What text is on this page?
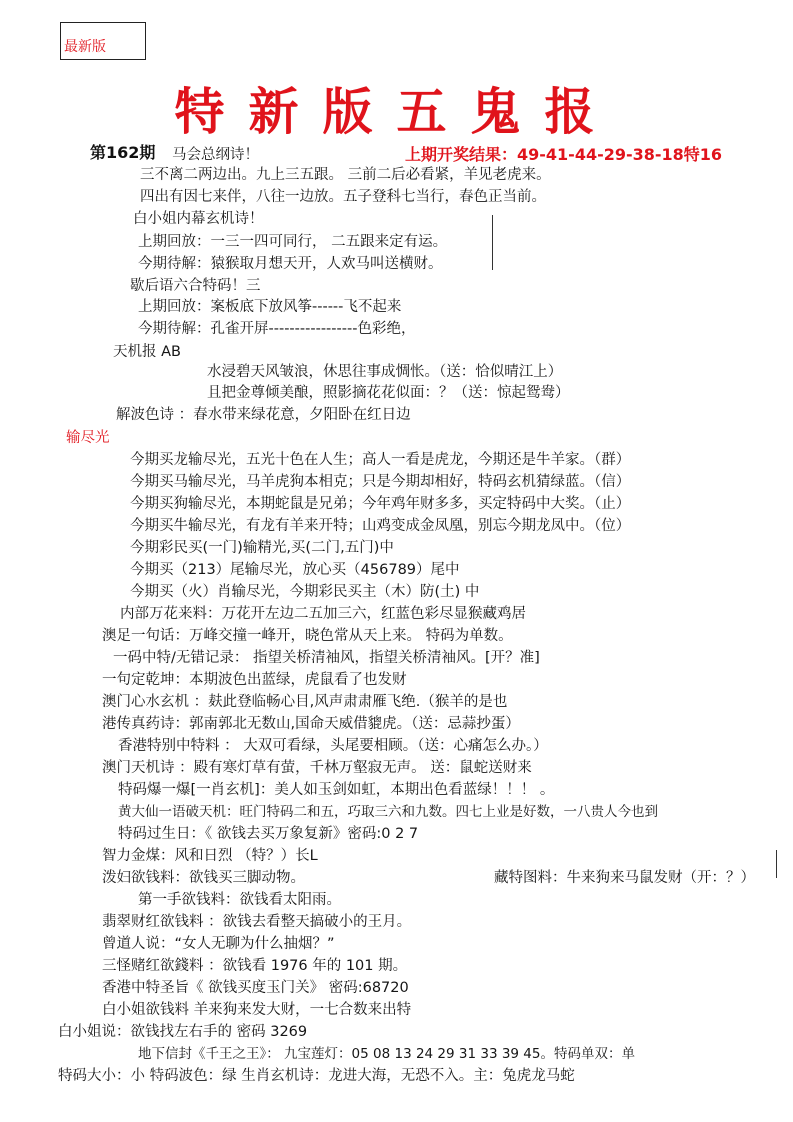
最新版
特新版五鬼报
第162期	上期开奖结果：49-41-44-29-38-18特16
马会总纲诗！
三不离二两边出。九上三五跟。 三前二后必看紧，羊见老虎来。
四出有因七来伴，八往一边放。五子登科七当行，春色正当前。
白小姐内幕玄机诗！
上期回放：一三一四可同行， 二五跟来定有运。
今期待解：猿猴取月想天开，人欢马叫送横财。
歇后语六合特码！三
上期回放：案板底下放风筝------飞不起来
今期待解：孔雀开屏-----------------色彩绝，
天机报 AB
水浸碧天风皱浪，休思往事成惆怅。（送：恰似晴江上）
且把金尊倾美酿，照影摘花花似面：？（送：惊起鸳鸯）
解波色诗 ：春水带来绿花意，夕阳卧在红日边
输尽光
今期买龙输尽光，五光十色在人生；高人一看是虎龙，今期还是牛羊家。（群）
今期买马输尽光，马羊虎狗本相克；只是今期却相好，特码玄机猜绿蓝。（信）
今期买狗输尽光，本期蛇鼠是兄弟；今年鸡年财多多，买定特码中大奖。（止）
今期买牛输尽光，有龙有羊来开特；山鸡变成金凤凰，别忘今期龙凤中。（位）
今期彩民买(一门)输精光,买(二门,五门)中
今期买（213）尾输尽光，放心买（456789）尾中
今期买（火）肖输尽光，今期彩民买主（木）防(土) 中
内部万花来料：万花开左边二五加三六，红蓝色彩尽显猴藏鸡居
澳足一句话：万峰交撞一峰开，晓色常从天上来。 特码为单数。
一码中特/无错记录： 指望关桥清袖风，指望关桥清袖风。[开？准]
一句定乾坤：本期波色出蓝绿，虎鼠看了也发财
澳门心水玄机 ：麸此登临畅心目,风声肃肃雁飞绝.（猴羊的是也
港传真药诗：郭南郭北无数山,国命天威借貔虎。（送：忌蒜抄蛋）
香港特别中特料 ： 大双可看绿，头尾要相顾。（送：心痛怎么办。）
澳门天机诗 ：殿有寒灯草有萤，千林万壑寂无声。 送：鼠蛇送财来
特码爆一爆[一肖玄机]：美人如玉剑如虹，本期出色看蓝绿！！！ 。
黄大仙一语破天机：旺门特码二和五，巧取三六和九数。四七上业是好数，一八贵人今也到
特码过生日：《 欲钱去买万象复新》密码:0 2 7
智力金煤：风和日烈 （特？）长L
泼妇欲钱料：欲钱买三脚动物。	藏特图料：牛来狗来马鼠发财（开：？）
第一手欲钱料：欲钱看太阳雨。
翡翠财红欲钱料 ：欲钱去看整天搞破小的王月。
曾道人说：“女人无聊为什么抽烟？”
三怪赌红欲錢料 ：欲钱看 1976 年的 101 期。
香港中特圣旨《 欲钱买度玉门关》 密码:68720
白小姐欲钱料 羊来狗来发大财，一七合数来出特
白小姐说：欲钱找左右手的 密码 3269
地下信封《千王之王》： 九宝莲灯：05 08 13 24 29 31 33 39 45。特码单双：单
特码大小：小 特码波色：绿 生肖玄机诗：龙进大海，无恐不入。主：兔虎龙马蛇
